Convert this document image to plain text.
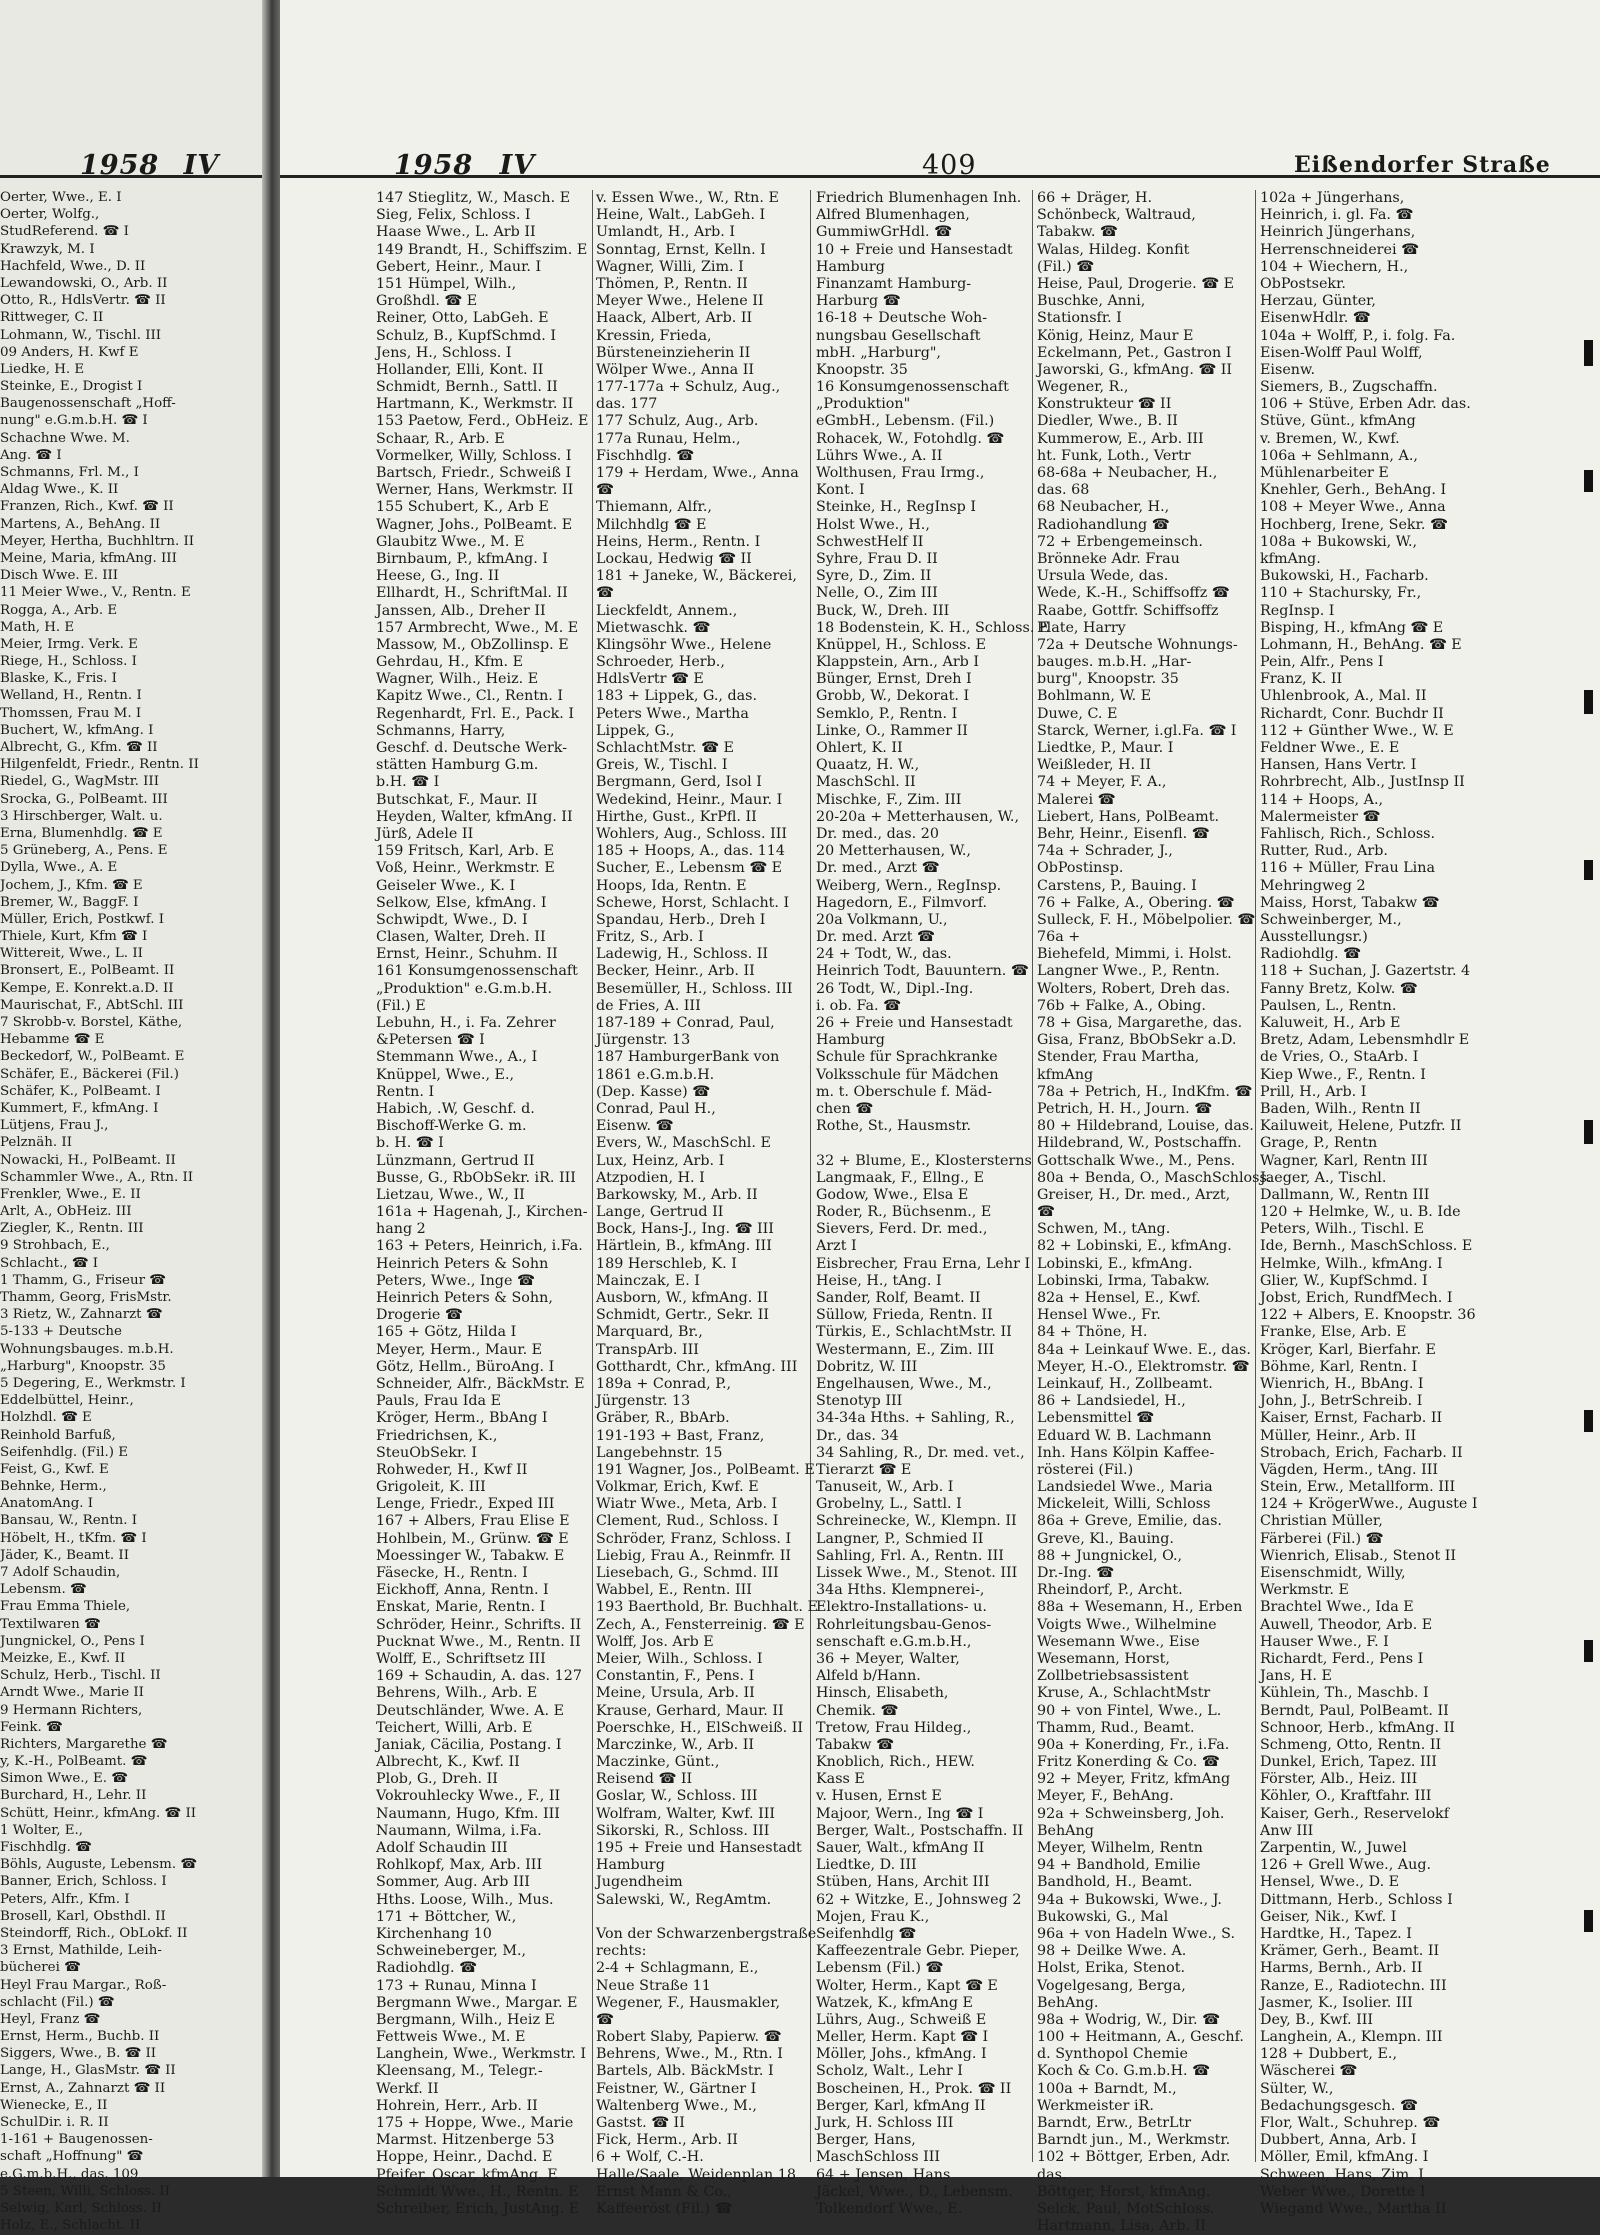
1958 IV
Oerter, Wwe., E. I
Oerter, Wolfg.,
StudReferend. ☎ I
Krawzyk, M. I
Hachfeld, Wwe., D. II
Lewandowski, O., Arb. II
Otto, R., HdlsVertr. ☎ II
Rittweger, C. II
Lohmann, W., Tischl. III
09 Anders, H. Kwf E
Liedke, H. E
Steinke, E., Drogist I
Baugenossenschaft „Hoff-
nung" e.G.m.b.H. ☎ I
Schachne Wwe. M.
Ang. ☎ I
Schmanns, Frl. M., I
Aldag Wwe., K. II
Franzen, Rich., Kwf. ☎ II
Martens, A., BehAng. II
Meyer, Hertha, Buchhltrn. II
Meine, Maria, kfmAng. III
Disch Wwe. E. III
11 Meier Wwe., V., Rentn. E
Rogga, A., Arb. E
Math, H. E
Meier, Irmg. Verk. E
Riege, H., Schloss. I
Blaske, K., Fris. I
Welland, H., Rentn. I
Thomssen, Frau M. I
Buchert, W., kfmAng. I
Albrecht, G., Kfm. ☎ II
Hilgenfeldt, Friedr., Rentn. II
Riedel, G., WagMstr. III
Srocka, G., PolBeamt. III
3 Hirschberger, Walt. u.
Erna, Blumenhdlg. ☎ E
5 Grüneberg, A., Pens. E
Dylla, Wwe., A. E
Jochem, J., Kfm. ☎ E
Bremer, W., BaggF. I
Müller, Erich, Postkwf. I
Thiele, Kurt, Kfm ☎ I
Wittereit, Wwe., L. II
Bronsert, E., PolBeamt. II
Kempe, E. Konrekt.a.D. II
Maurischat, F., AbtSchl. III
7 Skrobb-v. Borstel, Käthe,
Hebamme ☎ E
Beckedorf, W., PolBeamt. E
Schäfer, E., Bäckerei (Fil.)
Schäfer, K., PolBeamt. I
Kummert, F., kfmAng. I
Lütjens, Frau J.,
Pelznäh. II
Nowacki, H., PolBeamt. II
Schammler Wwe., A., Rtn. II
Frenkler, Wwe., E. II
Arlt, A., ObHeiz. III
Ziegler, K., Rentn. III
9 Strohbach, E.,
Schlacht., ☎ I
1 Thamm, G., Friseur ☎
Thamm, Georg, FrisMstr.
3 Rietz, W., Zahnarzt ☎
5-133 + Deutsche
Wohnungsbauges. m.b.H.
„Harburg", Knoopstr. 35
5 Degering, E., Werkmstr. I
Eddelbüttel, Heinr.,
Holzhdl. ☎ E
Reinhold Barfuß,
Seifenhdlg. (Fil.) E
Feist, G., Kwf. E
Behnke, Herm.,
AnatomAng. I
Bansau, W., Rentn. I
Höbelt, H., tKfm. ☎ I
Jäder, K., Beamt. II
7 Adolf Schaudin,
Lebensm. ☎
Frau Emma Thiele,
Textilwaren ☎
Jungnickel, O., Pens I
Meizke, E., Kwf. II
Schulz, Herb., Tischl. II
Arndt Wwe., Marie II
9 Hermann Richters,
Feink. ☎
Richters, Margarethe ☎
y, K.-H., PolBeamt. ☎
Simon Wwe., E. ☎
Burchard, H., Lehr. II
Schütt, Heinr., kfmAng. ☎ II
1 Wolter, E.,
Fischhdlg. ☎
Böhls, Auguste, Lebensm. ☎
Banner, Erich, Schloss. I
Peters, Alfr., Kfm. I
Brosell, Karl, Obsthdl. II
Steindorff, Rich., ObLokf. II
3 Ernst, Mathilde, Leih-
bücherei ☎
Heyl Frau Margar., Roß-
schlacht (Fil.) ☎
Heyl, Franz ☎
Ernst, Herm., Buchb. II
Siggers, Wwe., B. ☎ II
Lange, H., GlasMstr. ☎ II
Ernst, A., Zahnarzt ☎ II
Wienecke, E., II
SchulDir. i. R. II
1-161 + Baugenossen-
schaft „Hoffnung" ☎
e.G.m.b.H., das. 109
5 Steen, Willi, Schloss. II
Selwig, Karl, Schloss. II
Holz, E., Schlacht. II
1958 IV	409	Eißendorfer Straße
147 Stieglitz, W., Masch. E
Sieg, Felix, Schloss. I
Haase Wwe., L. Arb II
149 Brandt, H., Schiffszim. E
Gebert, Heinr., Maur. I
151 Hümpel, Wilh.,
Großhdl. ☎ E
Reiner, Otto, LabGeh. E
Schulz, B., KupfSchmd. I
Jens, H., Schloss. I
Hollander, Elli, Kont. II
Schmidt, Bernh., Sattl. II
Hartmann, K., Werkmstr. II
153 Paetow, Ferd., ObHeiz. E
Schaar, R., Arb. E
Vormelker, Willy, Schloss. I
Bartsch, Friedr., Schweiß I
Werner, Hans, Werkmstr. II
155 Schubert, K., Arb E
Wagner, Johs., PolBeamt. E
Glaubitz Wwe., M. E
Birnbaum, P., kfmAng. I
Heese, G., Ing. II
Ellhardt, H., SchriftMal. II
Janssen, Alb., Dreher II
157 Armbrecht, Wwe., M. E
Massow, M., ObZollinsp. E
Gehrdau, H., Kfm. E
Wagner, Wilh., Heiz. E
Kapitz Wwe., Cl., Rentn. I
Regenhardt, Frl. E., Pack. I
Schmanns, Harry,
Geschf. d. Deutsche Werk-
stätten Hamburg G.m.
b.H. ☎ I
Butschkat, F., Maur. II
Heyden, Walter, kfmAng. II
Jürß, Adele II
159 Fritsch, Karl, Arb. E
Voß, Heinr., Werkmstr. E
Geiseler Wwe., K. I
Selkow, Else, kfmAng. I
Schwipdt, Wwe., D. I
Clasen, Walter, Dreh. II
Ernst, Heinr., Schuhm. II
161 Konsumgenossenschaft
„Produktion" e.G.m.b.H.
(Fil.) E
Lebuhn, H., i. Fa. Zehrer
&Petersen ☎ I
Stemmann Wwe., A., I
Knüppel, Wwe., E.,
Rentn. I
Habich, .W, Geschf. d.
Bischoff-Werke G. m.
b. H. ☎ I
Lünzmann, Gertrud II
Busse, G., RbObSekr. iR. III
Lietzau, Wwe., W., II
161a + Hagenah, J., Kirchen-
hang 2
163 + Peters, Heinrich, i.Fa.
Heinrich Peters & Sohn
Peters, Wwe., Inge ☎
Heinrich Peters & Sohn,
Drogerie ☎
165 + Götz, Hilda I
Meyer, Herm., Maur. E
Götz, Hellm., BüroAng. I
Schneider, Alfr., BäckMstr. E
Pauls, Frau Ida E
Kröger, Herm., BbAng I
Friedrichsen, K.,
SteuObSekr. I
Rohweder, H., Kwf II
Grigoleit, K. III
Lenge, Friedr., Exped III
167 + Albers, Frau Elise E
Hohlbein, M., Grünw. ☎ E
Moessinger W., Tabakw. E
Fäsecke, H., Rentn. I
Eickhoff, Anna, Rentn. I
Enskat, Marie, Rentn. I
Schröder, Heinr., Schrifts. II
Pucknat Wwe., M., Rentn. II
Wolff, E., Schriftsetz III
169 + Schaudin, A. das. 127
Behrens, Wilh., Arb. E
Deutschländer, Wwe. A. E
Teichert, Willi, Arb. E
Janiak, Cäcilia, Postang. I
Albrecht, K., Kwf. II
Plob, G., Dreh. II
Vokrouhlecky Wwe., F., II
Naumann, Hugo, Kfm. III
Naumann, Wilma, i.Fa.
Adolf Schaudin III
Rohlkopf, Max, Arb. III
Sommer, Aug. Arb III
Hths. Loose, Wilh., Mus.
171 + Böttcher, W.,
Kirchenhang 10
Schweineberger, M.,
Radiohdlg. ☎
173 + Runau, Minna I
Bergmann Wwe., Margar. E
Bergmann, Wilh., Heiz E
Fettweis Wwe., M. E
Langhein, Wwe., Werkmstr. I
Kleensang, M., Telegr.-
Werkf. II
Hohrein, Herr., Arb. II
175 + Hoppe, Wwe., Marie
Marmst. Hitzenberge 53
Hoppe, Heinr., Dachd. E
Pfeifer, Oscar, kfmAng. E
Schmidt Wwe., H., Rentn. E
Schreiber, Erich, JustAng. E
v. Essen Wwe., W., Rtn. E
Heine, Walt., LabGeh. I
Umlandt, H., Arb. I
Sonntag, Ernst, Kelln. I
Wagner, Willi, Zim. I
Thömen, P., Rentn. II
Meyer Wwe., Helene II
Haack, Albert, Arb. II
Kressin, Frieda,
Bürsteneinzieherin II
Wölper Wwe., Anna II
177-177a + Schulz, Aug.,
das. 177
177 Schulz, Aug., Arb.
177a Runau, Helm.,
Fischhdlg. ☎
179 + Herdam, Wwe., Anna
☎
Thiemann, Alfr.,
Milchhdlg ☎ E
Heins, Herm., Rentn. I
Lockau, Hedwig ☎ II
181 + Janeke, W., Bäckerei,
☎
Lieckfeldt, Annem.,
Mietwaschk. ☎
Klingsöhr Wwe., Helene
Schroeder, Herb.,
HdlsVertr ☎ E
183 + Lippek, G., das.
Peters Wwe., Martha
Lippek, G.,
SchlachtMstr. ☎ E
Greis, W., Tischl. I
Bergmann, Gerd, Isol I
Wedekind, Heinr., Maur. I
Hirthe, Gust., KrPfl. II
Wohlers, Aug., Schloss. III
185 + Hoops, A., das. 114
Sucher, E., Lebensm ☎ E
Hoops, Ida, Rentn. E
Schewe, Horst, Schlacht. I
Spandau, Herb., Dreh I
Fritz, S., Arb. I
Ladewig, H., Schloss. II
Becker, Heinr., Arb. II
Besemüller, H., Schloss. III
de Fries, A. III
187-189 + Conrad, Paul,
Jürgenstr. 13
187 HamburgerBank von
1861 e.G.m.b.H.
(Dep. Kasse) ☎
Conrad, Paul H.,
Eisenw. ☎
Evers, W., MaschSchl. E
Lux, Heinz, Arb. I
Atzpodien, H. I
Barkowsky, M., Arb. II
Lange, Gertrud II
Bock, Hans-J., Ing. ☎ III
Härtlein, B., kfmAng. III
189 Herschleb, K. I
Mainczak, E. I
Ausborn, W., kfmAng. II
Schmidt, Gertr., Sekr. II
Marquard, Br.,
TranspArb. III
Gotthardt, Chr., kfmAng. III
189a + Conrad, P.,
Jürgenstr. 13
Gräber, R., BbArb.
191-193 + Bast, Franz,
Langebehnstr. 15
191 Wagner, Jos., PolBeamt. E
Volkmar, Erich, Kwf. E
Wiatr Wwe., Meta, Arb. I
Clement, Rud., Schloss. I
Schröder, Franz, Schloss. I
Liebig, Frau A., Reinmfr. II
Liesebach, G., Schmd. III
Wabbel, E., Rentn. III
193 Baerthold, Br. Buchhalt. E
Zech, A., Fensterreinig. ☎ E
Wolff, Jos. Arb E
Meier, Wilh., Schloss. I
Constantin, F., Pens. I
Meine, Ursula, Arb. II
Krause, Gerhard, Maur. II
Poerschke, H., ElSchweiß. II
Marczinke, W., Arb. II
Maczinke, Günt.,
Reisend ☎ II
Goslar, W., Schloss. III
Wolfram, Walter, Kwf. III
Sikorski, R., Schloss. III
195 + Freie und Hansestadt
Hamburg
Jugendheim
Salewski, W., RegAmtm.
Von der Schwarzenbergstraße
rechts:
2-4 + Schlagmann, E.,
Neue Straße 11
Wegener, F., Hausmakler,
☎
Robert Slaby, Papierw. ☎
Behrens, Wwe., M., Rtn. I
Bartels, Alb. BäckMstr. I
Feistner, W., Gärtner I
Waltenberg Wwe., M.,
Gastst. ☎ II
Fick, Herm., Arb. II
6 + Wolf, C.-H.
Halle/Saale, Weidenplan 18
Ernst Mann & Co.,
Kaffeeröst (Fil.) ☎
Friedrich Blumenhagen Inh.
Alfred Blumenhagen,
GummiwGrHdl. ☎
10 + Freie und Hansestadt
Hamburg
Finanzamt Hamburg-
Harburg ☎
16-18 + Deutsche Woh-
nungsbau Gesellschaft
mbH. „Harburg",
Knoopstr. 35
16 Konsumgenossenschaft
„Produktion"
eGmbH., Lebensm. (Fil.)
Rohacek, W., Fotohdlg. ☎
Lührs Wwe., A. II
Wolthusen, Frau Irmg.,
Kont. I
Steinke, H., RegInsp I
Holst Wwe., H.,
SchwestHelf II
Syhre, Frau D. II
Syre, D., Zim. II
Nelle, O., Zim III
Buck, W., Dreh. III
18 Bodenstein, K. H., Schloss. E
Knüppel, H., Schloss. E
Klappstein, Arn., Arb I
Bünger, Ernst, Dreh I
Grobb, W., Dekorat. I
Semklo, P., Rentn. I
Linke, O., Rammer II
Ohlert, K. II
Quaatz, H. W.,
MaschSchl. II
Mischke, F., Zim. III
20-20a + Metterhausen, W.,
Dr. med., das. 20
20 Metterhausen, W.,
Dr. med., Arzt ☎
Weiberg, Wern., RegInsp.
Hagedorn, E., Filmvorf.
20a Volkmann, U.,
Dr. med. Arzt ☎
24 + Todt, W., das.
Heinrich Todt, Bauuntern. ☎
26 Todt, W., Dipl.-Ing.
i. ob. Fa. ☎
26 + Freie und Hansestadt
Hamburg
Schule für Sprachkranke
Volksschule für Mädchen
m. t. Oberschule f. Mäd-
chen ☎
Rothe, St., Hausmstr.
32 + Blume, E., Klostersterns
Langmaak, F., Ellng., E
Godow, Wwe., Elsa E
Roder, R., Büchsenm., E
Sievers, Ferd. Dr. med.,
Arzt I
Eisbrecher, Frau Erna, Lehr I
Heise, H., tAng. I
Sander, Rolf, Beamt. II
Süllow, Frieda, Rentn. II
Türkis, E., SchlachtMstr. II
Westermann, E., Zim. III
Dobritz, W. III
Engelhausen, Wwe., M.,
Stenotyp III
34-34a Hths. + Sahling, R.,
Dr., das. 34
34 Sahling, R., Dr. med. vet.,
Tierarzt ☎ E
Tanuseit, W., Arb. I
Grobelny, L., Sattl. I
Schreinecke, W., Klempn. II
Langner, P., Schmied II
Sahling, Frl. A., Rentn. III
Lissek Wwe., M., Stenot. III
34a Hths. Klempnerei-,
Elektro-Installations- u.
Rohrleitungsbau-Genos-
senschaft e.G.m.b.H.,
36 + Meyer, Walter,
Alfeld b/Hann.
Hinsch, Elisabeth,
Chemik. ☎
Tretow, Frau Hildeg.,
Tabakw ☎
Knoblich, Rich., HEW.
Kass E
v. Husen, Ernst E
Majoor, Wern., Ing ☎ I
Berger, Walt., Postschaffn. II
Sauer, Walt., kfmAng II
Liedtke, D. III
Stüben, Hans, Archit III
62 + Witzke, E., Johnsweg 2
Mojen, Frau K.,
Seifenhdlg ☎
Kaffeezentrale Gebr. Pieper,
Lebensm (Fil.) ☎
Wolter, Herm., Kapt ☎ E
Watzek, K., kfmAng E
Lührs, Aug., Schweiß E
Meller, Herm. Kapt ☎ I
Möller, Johs., kfmAng. I
Scholz, Walt., Lehr I
Boscheinen, H., Prok. ☎ II
Berger, Karl, kfmAng II
Jurk, H. Schloss III
Berger, Hans,
MaschSchloss III
64 + Jensen, Hans
Jäckel, Wwe., D., Lebensm.
Tolkendorf Wwe., E.
66 + Dräger, H.
Schönbeck, Waltraud,
Tabakw. ☎
Walas, Hildeg. Konfit
(Fil.) ☎
Heise, Paul, Drogerie. ☎ E
Buschke, Anni,
Stationsfr. I
König, Heinz, Maur E
Eckelmann, Pet., Gastron I
Jaworski, G., kfmAng. ☎ II
Wegener, R.,
Konstrukteur ☎ II
Diedler, Wwe., B. II
Kummerow, E., Arb. III
ht. Funk, Loth., Vertr
68-68a + Neubacher, H.,
das. 68
68 Neubacher, H.,
Radiohandlung ☎
72 + Erbengemeinsch.
Brönneke Adr. Frau
Ursula Wede, das.
Wede, K.-H., Schiffsoffz ☎
Raabe, Gottfr. Schiffsoffz
Plate, Harry
72a + Deutsche Wohnungs-
bauges. m.b.H. „Har-
burg", Knoopstr. 35
Bohlmann, W. E
Duwe, C. E
Starck, Werner, i.gl.Fa. ☎ I
Liedtke, P., Maur. I
Weißleder, H. II
74 + Meyer, F. A.,
Malerei ☎
Liebert, Hans, PolBeamt.
Behr, Heinr., Eisenfl. ☎
74a + Schrader, J.,
ObPostinsp.
Carstens, P., Bauing. I
76 + Falke, A., Obering. ☎
Sulleck, F. H., Möbelpolier. ☎
76a +
Biehefeld, Mimmi, i. Holst.
Langner Wwe., P., Rentn.
Wolters, Robert, Dreh das.
76b + Falke, A., Obing.
78 + Gisa, Margarethe, das.
Gisa, Franz, BbObSekr a.D.
Stender, Frau Martha,
kfmAng
78a + Petrich, H., IndKfm. ☎
Petrich, H. H., Journ. ☎
80 + Hildebrand, Louise, das.
Hildebrand, W., Postschaffn.
Gottschalk Wwe., M., Pens.
80a + Benda, O., MaschSchloss.
Greiser, H., Dr. med., Arzt,
☎
Schwen, M., tAng.
82 + Lobinski, E., kfmAng.
Lobinski, E., kfmAng.
Lobinski, Irma, Tabakw.
82a + Hensel, E., Kwf.
Hensel Wwe., Fr.
84 + Thöne, H.
84a + Leinkauf Wwe. E., das.
Meyer, H.-O., Elektromstr. ☎
Leinkauf, H., Zollbeamt.
86 + Landsiedel, H.,
Lebensmittel ☎
Eduard W. B. Lachmann
Inh. Hans Kölpin Kaffee-
rösterei (Fil.)
Landsiedel Wwe., Maria
Mickeleit, Willi, Schloss
86a + Greve, Emilie, das.
Greve, Kl., Bauing.
88 + Jungnickel, O.,
Dr.-Ing. ☎
Rheindorf, P., Archt.
88a + Wesemann, H., Erben
Voigts Wwe., Wilhelmine
Wesemann Wwe., Eise
Wesemann, Horst,
Zollbetriebsassistent
Kruse, A., SchlachtMstr
90 + von Fintel, Wwe., L.
Thamm, Rud., Beamt.
90a + Konerding, Fr., i.Fa.
Fritz Konerding & Co. ☎
92 + Meyer, Fritz, kfmAng
Meyer, F., BehAng.
92a + Schweinsberg, Joh.
BehAng
Meyer, Wilhelm, Rentn
94 + Bandhold, Emilie
Bandhold, H., Beamt.
94a + Bukowski, Wwe., J.
Bukowski, G., Mal
96a + von Hadeln Wwe., S.
98 + Deilke Wwe. A.
Holst, Erika, Stenot.
Vogelgesang, Berga,
BehAng.
98a + Wodrig, W., Dir. ☎
100 + Heitmann, A., Geschf.
d. Synthopol Chemie
Koch & Co. G.m.b.H. ☎
100a + Barndt, M.,
Werkmeister iR.
Barndt, Erw., BetrLtr
Barndt jun., M., Werkmstr.
102 + Böttger, Erben, Adr.
das.
Böttger, Horst, kfmAng.
Selck, Paul, MotSchloss.
Hartmann, Lisa, Arb. II
102a + Jüngerhans,
Heinrich, i. gl. Fa. ☎
Heinrich Jüngerhans,
Herrenschneiderei ☎
104 + Wiechern, H.,
ObPostsekr.
Herzau, Günter,
EisenwHdlr. ☎
104a + Wolff, P., i. folg. Fa.
Eisen-Wolff Paul Wolff,
Eisenw.
Siemers, B., Zugschaffn.
106 + Stüve, Erben Adr. das.
Stüve, Günt., kfmAng
v. Bremen, W., Kwf.
106a + Sehlmann, A.,
Mühlenarbeiter E
Knehler, Gerh., BehAng. I
108 + Meyer Wwe., Anna
Hochberg, Irene, Sekr. ☎
108a + Bukowski, W.,
kfmAng.
Bukowski, H., Facharb.
110 + Stachursky, Fr.,
RegInsp. I
Bisping, H., kfmAng ☎ E
Lohmann, H., BehAng. ☎ E
Pein, Alfr., Pens I
Franz, K. II
Uhlenbrook, A., Mal. II
Richardt, Conr. Buchdr II
112 + Günther Wwe., W. E
Feldner Wwe., E. E
Hansen, Hans Vertr. I
Rohrbrecht, Alb., JustInsp II
114 + Hoops, A.,
Malermeister ☎
Fahlisch, Rich., Schloss.
Rutter, Rud., Arb.
116 + Müller, Frau Lina
Mehringweg 2
Maiss, Horst, Tabakw ☎
Schweinberger, M.,
Ausstellungsr.)
Radiohdlg. ☎
118 + Suchan, J. Gazertstr. 4
Fanny Bretz, Kolw. ☎
Paulsen, L., Rentn.
Kaluweit, H., Arb E
Bretz, Adam, Lebensmhdlr E
de Vries, O., StaArb. I
Kiep Wwe., F., Rentn. I
Prill, H., Arb. I
Baden, Wilh., Rentn II
Kailuweit, Helene, Putzfr. II
Grage, P., Rentn
Wagner, Karl, Rentn III
Jaeger, A., Tischl.
Dallmann, W., Rentn III
120 + Helmke, W., u. B. Ide
Peters, Wilh., Tischl. E
Ide, Bernh., MaschSchloss. E
Helmke, Wilh., kfmAng. I
Glier, W., KupfSchmd. I
Jobst, Erich, RundfMech. I
122 + Albers, E. Knoopstr. 36
Franke, Else, Arb. E
Kröger, Karl, Bierfahr. E
Böhme, Karl, Rentn. I
Wienrich, H., BbAng. I
John, J., BetrSchreib. I
Kaiser, Ernst, Facharb. II
Müller, Heinr., Arb. II
Strobach, Erich, Facharb. II
Vägden, Herm., tAng. III
Stein, Erw., Metallform. III
124 + KrögerWwe., Auguste I
Christian Müller,
Färberei (Fil.) ☎
Wienrich, Elisab., Stenot II
Eisenschmidt, Willy,
Werkmstr. E
Brachtel Wwe., Ida E
Auwell, Theodor, Arb. E
Hauser Wwe., F. I
Richardt, Ferd., Pens I
Jans, H. E
Kühlein, Th., Maschb. I
Berndt, Paul, PolBeamt. II
Schnoor, Herb., kfmAng. II
Schmeng, Otto, Rentn. II
Dunkel, Erich, Tapez. III
Förster, Alb., Heiz. III
Köhler, O., Kraftfahr. III
Kaiser, Gerh., Reservelokf
Anw III
Zarpentin, W., Juwel
126 + Grell Wwe., Aug.
Hensel, Wwe., D. E
Dittmann, Herb., Schloss I
Geiser, Nik., Kwf. I
Hardtke, H., Tapez. I
Krämer, Gerh., Beamt. II
Harms, Bernh., Arb. II
Ranze, E., Radiotechn. III
Jasmer, K., Isolier. III
Dey, B., Kwf. III
Langhein, A., Klempn. III
128 + Dubbert, E.,
Wäscherei ☎
Sülter, W.,
Bedachungsgesch. ☎
Flor, Walt., Schuhrep. ☎
Dubbert, Anna, Arb. I
Möller, Emil, kfmAng. I
Schween, Hans, Zim. I
Weber Wwe., Dorette I
Wiegand Wwe., Martha II
